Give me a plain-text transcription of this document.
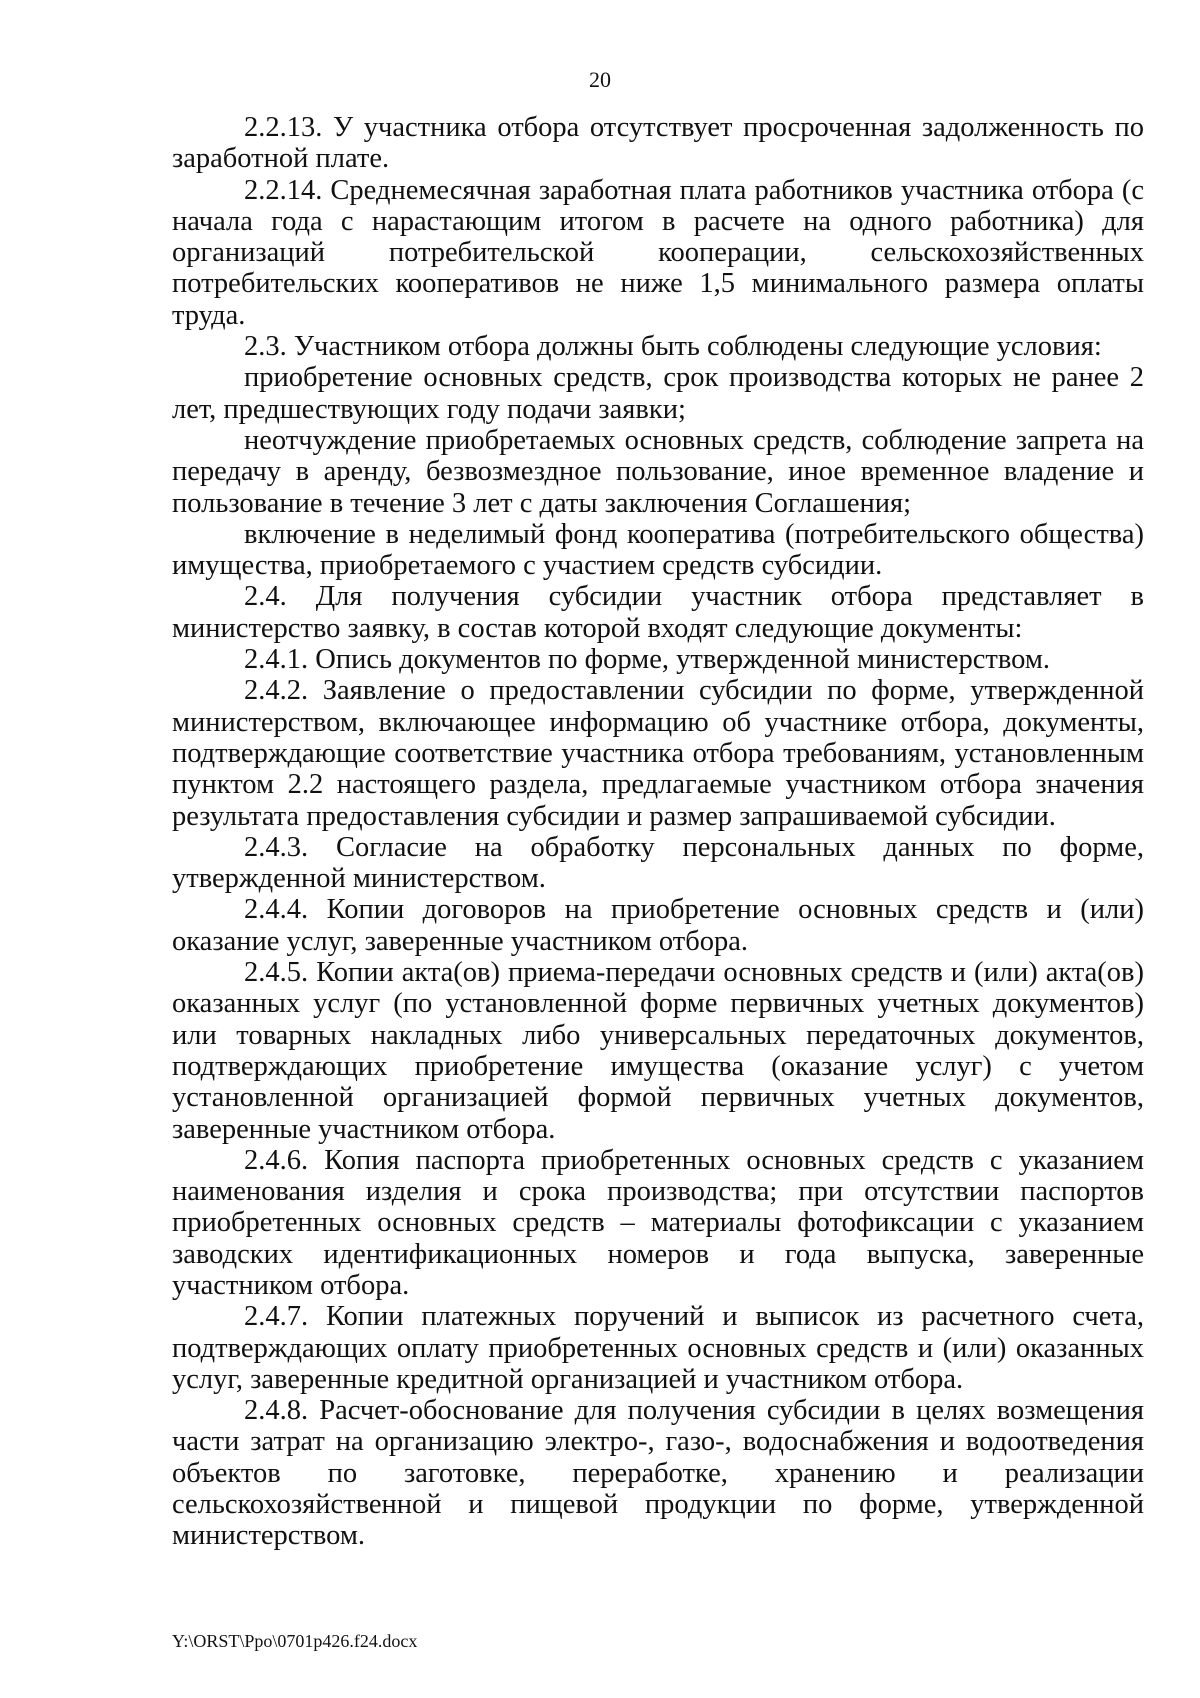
20

2.2.13. У участника отбора отсутствует просроченная задолженность по заработной плате.

2.2.14. Среднемесячная заработная плата работников участника отбора (с начала года с нарастающим итогом в расчете на одного работника) для организаций потребительской кооперации, сельскохозяйственных потребительских кооперативов не ниже 1,5 минимального размера оплаты труда.

2.3. Участником отбора должны быть соблюдены следующие условия:

приобретение основных средств, срок производства которых не ранее 2 лет, предшествующих году подачи заявки;

неотчуждение приобретаемых основных средств, соблюдение запрета на передачу в аренду, безвозмездное пользование, иное временное владение и пользование в течение 3 лет с даты заключения Соглашения;

включение в неделимый фонд кооператива (потребительского общества) имущества, приобретаемого с участием средств субсидии.

2.4. Для получения субсидии участник отбора представляет в министерство заявку, в состав которой входят следующие документы:

2.4.1. Опись документов по форме, утвержденной министерством.

2.4.2. Заявление о предоставлении субсидии по форме, утвержденной министерством, включающее информацию об участнике отбора, документы, подтверждающие соответствие участника отбора требованиям, установленным пунктом 2.2 настоящего раздела, предлагаемые участником отбора значения результата предоставления субсидии и размер запрашиваемой субсидии.

2.4.3. Согласие на обработку персональных данных по форме, утвержденной министерством.

2.4.4. Копии договоров на приобретение основных средств и (или) оказание услуг, заверенные участником отбора.

2.4.5. Копии акта(ов) приема-передачи основных средств и (или) акта(ов) оказанных услуг (по установленной форме первичных учетных документов) или товарных накладных либо универсальных передаточных документов, подтверждающих приобретение имущества (оказание услуг) с учетом установленной организацией формой первичных учетных документов, заверенные участником отбора.

2.4.6. Копия паспорта приобретенных основных средств с указанием наименования изделия и срока производства; при отсутствии паспортов приобретенных основных средств – материалы фотофиксации с указанием заводских идентификационных номеров и года выпуска, заверенные участником отбора.

2.4.7. Копии платежных поручений и выписок из расчетного счета, подтверждающих оплату приобретенных основных средств и (или) оказанных услуг, заверенные кредитной организацией и участником отбора.

2.4.8. Расчет-обоснование для получения субсидии в целях возмещения части затрат на организацию электро-, газо-, водоснабжения и водоотведения объектов по заготовке, переработке, хранению и реализации сельскохозяйственной и пищевой продукции по форме, утвержденной министерством.

Y:\ORST\Ppo\0701p426.f24.docx
